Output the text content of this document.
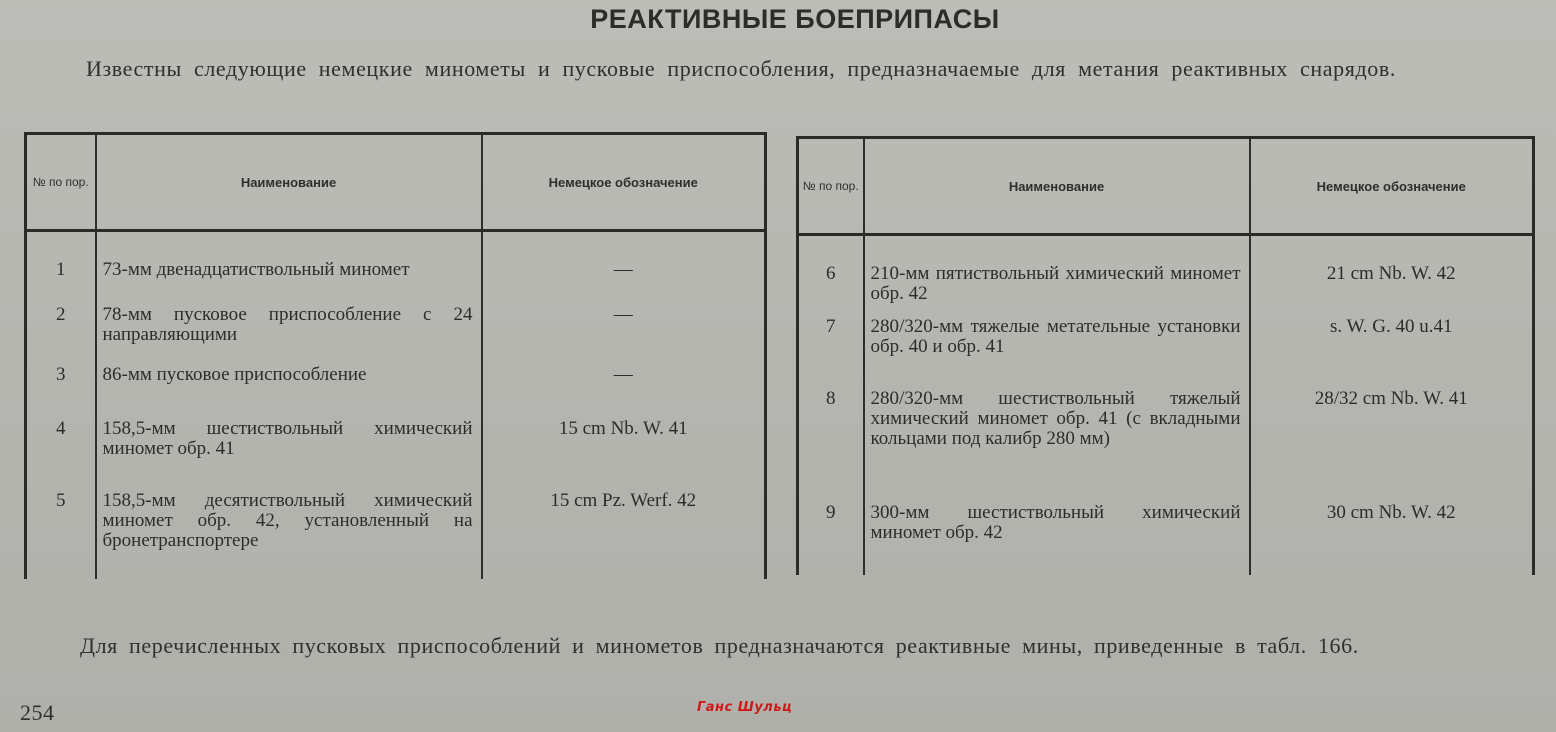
РЕАКТИВНЫЕ БОЕПРИПАСЫ
Известны следующие немецкие минометы и пусковые приспособления, предназначаемые для метания реактивных снарядов.
№ по пор.	Наименование	Немецкое обозначение
1	73-мм двенадцатиствольный миномет	—
2	78-мм пусковое приспособление с 24 направляющими	—
3	86-мм пусковое приспособление	—
4	158,5-мм шестиствольный химический миномет обр. 41	15 cm Nb. W. 41
5	158,5-мм десятиствольный химический миномет обр. 42, установленный на бронетранспортере	15 cm Pz. Werf. 42
№ по пор.	Наименование	Немецкое обозначение
6	210-мм пятиствольный химический миномет обр. 42	21 cm Nb. W. 42
7	280/320-мм тяжелые метательные установки обр. 40 и обр. 41	s. W. G. 40 u.41
8	280/320-мм шестиствольный тяжелый химический миномет обр. 41 (с вкладными кольцами под калибр 280 мм)	28/32 cm Nb. W. 41
9	300-мм шестиствольный химический миномет обр. 42	30 cm Nb. W. 42
Для перечисленных пусковых приспособлений и минометов предназначаются реактивные мины, приведенные в табл. 166.
254	Ганс Шульц
